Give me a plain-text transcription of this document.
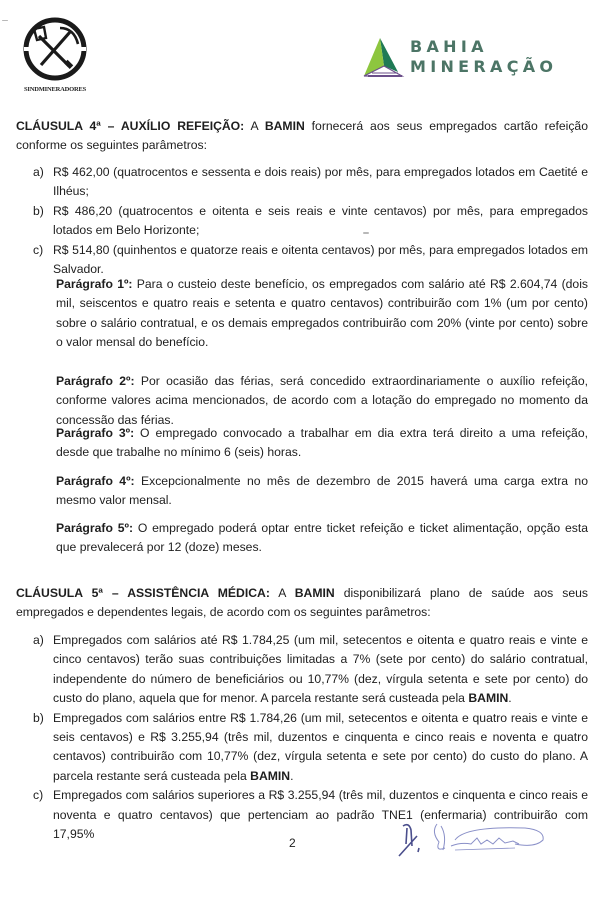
SINDMINERADORES
BAHIA
MINERAÇÃO

CLÁUSULA 4ª – AUXÍLIO REFEIÇÃO: A BAMIN fornecerá aos seus empregados cartão refeição conforme os seguintes parâmetros:

a) R$ 462,00 (quatrocentos e sessenta e dois reais) por mês, para empregados lotados em Caetité e Ilhéus;

b) R$ 486,20 (quatrocentos e oitenta e seis reais e vinte centavos) por mês, para empregados lotados em Belo Horizonte;

c) R$ 514,80 (quinhentos e quatorze reais e oitenta centavos) por mês, para empregados lotados em Salvador.

Parágrafo 1º: Para o custeio deste benefício, os empregados com salário até R$ 2.604,74 (dois mil, seiscentos e quatro reais e setenta e quatro centavos) contribuirão com 1% (um por cento) sobre o salário contratual, e os demais empregados contribuirão com 20% (vinte por cento) sobre o valor mensal do benefício.
Parágrafo 2º: Por ocasião das férias, será concedido extraordinariamente o auxílio refeição, conforme valores acima mencionados, de acordo com a lotação do empregado no momento da concessão das férias.
Parágrafo 3º: O empregado convocado a trabalhar em dia extra terá direito a uma refeição, desde que trabalhe no mínimo 6 (seis) horas.
Parágrafo 4º: Excepcionalmente no mês de dezembro de 2015 haverá uma carga extra no mesmo valor mensal.
Parágrafo 5º: O empregado poderá optar entre ticket refeição e ticket alimentação, opção esta que prevalecerá por 12 (doze) meses.

CLÁUSULA 5ª – ASSISTÊNCIA MÉDICA: A BAMIN disponibilizará plano de saúde aos seus empregados e dependentes legais, de acordo com os seguintes parâmetros:

a) Empregados com salários até R$ 1.784,25 (um mil, setecentos e oitenta e quatro reais e vinte e cinco centavos) terão suas contribuições limitadas a 7% (sete por cento) do salário contratual, independente do número de beneficiários ou 10,77% (dez, vírgula setenta e sete por cento) do custo do plano, aquela que for menor. A parcela restante será custeada pela BAMIN.

b) Empregados com salários entre R$ 1.784,26 (um mil, setecentos e oitenta e quatro reais e vinte e seis centavos) e R$ 3.255,94 (três mil, duzentos e cinquenta e cinco reais e noventa e quatro centavos) contribuirão com 10,77% (dez, vírgula setenta e sete por cento) do custo do plano. A parcela restante será custeada pela BAMIN.

c) Empregados com salários superiores a R$ 3.255,94 (três mil, duzentos e cinquenta e cinco reais e noventa e quatro centavos) que pertenciam ao padrão TNE1 (enfermaria) contribuirão com 17,95%

2
